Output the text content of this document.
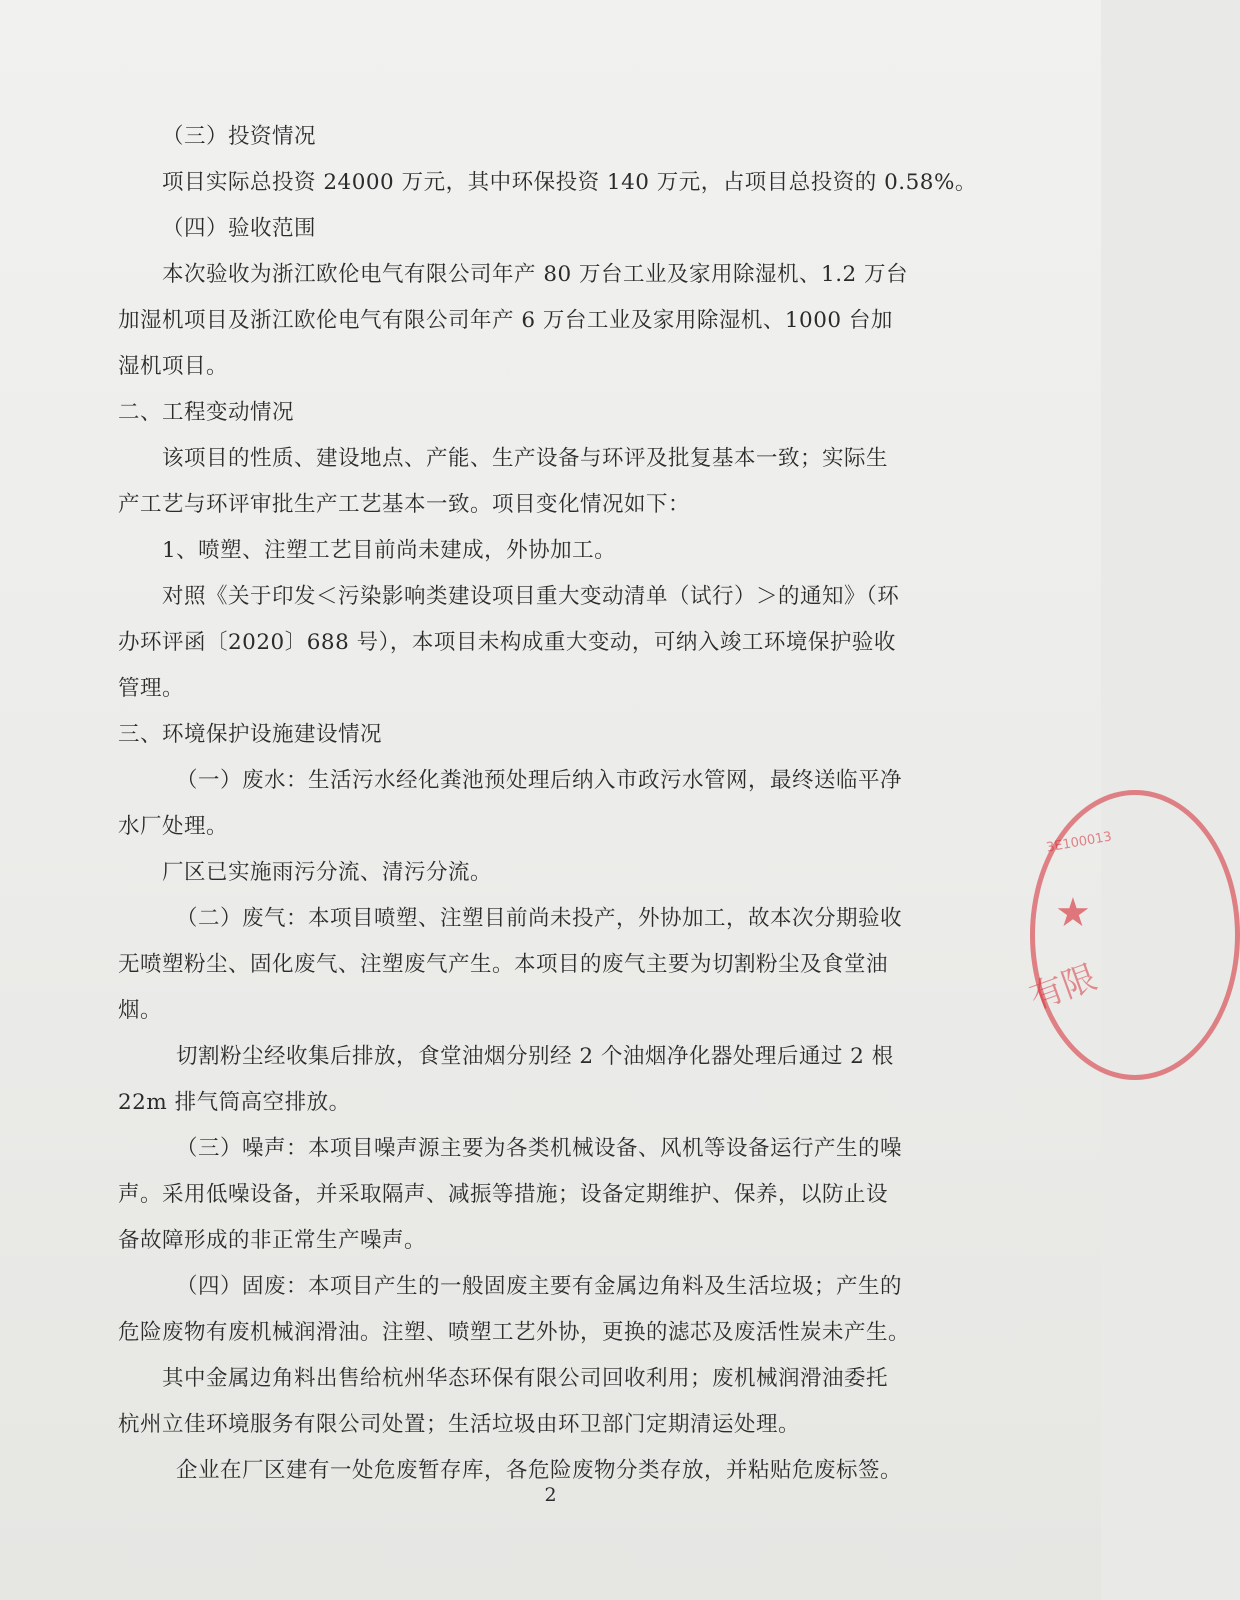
（三）投资情况
项目实际总投资 24000 万元，其中环保投资 140 万元，占项目总投资的 0.58%。
（四）验收范围
本次验收为浙江欧伦电气有限公司年产 80 万台工业及家用除湿机、1.2 万台
加湿机项目及浙江欧伦电气有限公司年产 6 万台工业及家用除湿机、1000 台加
湿机项目。
二、工程变动情况
该项目的性质、建设地点、产能、生产设备与环评及批复基本一致；实际生
产工艺与环评审批生产工艺基本一致。项目变化情况如下：
1、喷塑、注塑工艺目前尚未建成，外协加工。
对照《关于印发＜污染影响类建设项目重大变动清单（试行）＞的通知》（环
办环评函〔2020〕688 号），本项目未构成重大变动，可纳入竣工环境保护验收
管理。
三、环境保护设施建设情况
（一）废水：生活污水经化粪池预处理后纳入市政污水管网，最终送临平净
水厂处理。
厂区已实施雨污分流、清污分流。
（二）废气：本项目喷塑、注塑目前尚未投产，外协加工，故本次分期验收
无喷塑粉尘、固化废气、注塑废气产生。本项目的废气主要为切割粉尘及食堂油
烟。
切割粉尘经收集后排放，食堂油烟分别经 2 个油烟净化器处理后通过 2 根
22m 排气筒高空排放。
（三）噪声：本项目噪声源主要为各类机械设备、风机等设备运行产生的噪
声。采用低噪设备，并采取隔声、减振等措施；设备定期维护、保养，以防止设
备故障形成的非正常生产噪声。
（四）固废：本项目产生的一般固废主要有金属边角料及生活垃圾；产生的
危险废物有废机械润滑油。注塑、喷塑工艺外协，更换的滤芯及废活性炭未产生。
其中金属边角料出售给杭州华态环保有限公司回收利用；废机械润滑油委托
杭州立佳环境服务有限公司处置；生活垃圾由环卫部门定期清运处理。
企业在厂区建有一处危废暂存库，各危险废物分类存放，并粘贴危废标签。
2
3E100013
★
有限
